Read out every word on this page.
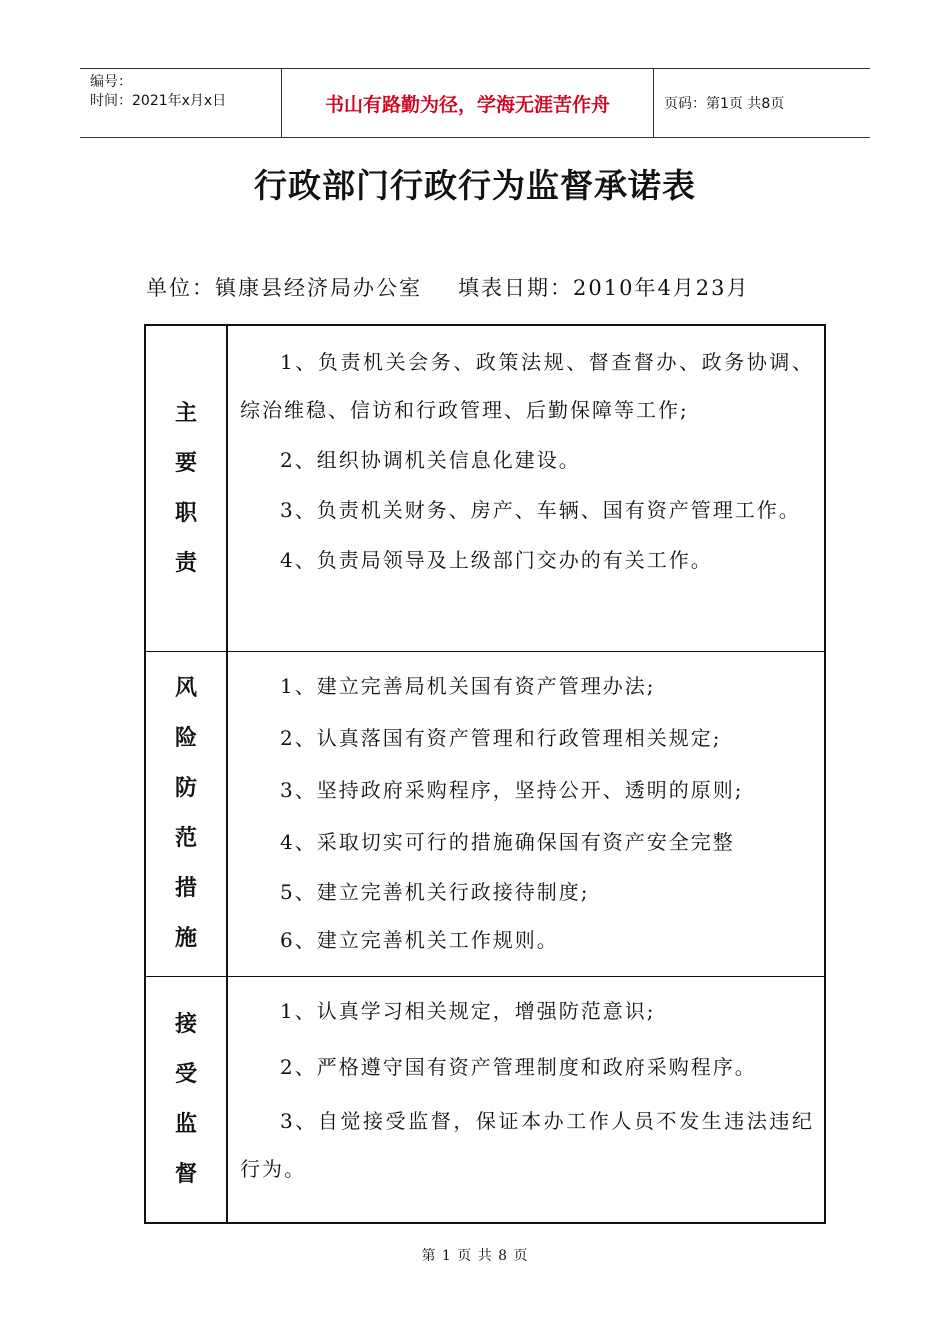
编号：
时间：2021年x月x日	书山有路勤为径，学海无涯苦作舟	页码：第1页 共8页
行政部门行政行为监督承诺表
单位：镇康县经济局办公室 填表日期：2010年4月23月
主
要
职
责

1、负责机关会务、政策法规、督查督办、政务协调、综治维稳、信访和行政管理、后勤保障等工作;

2、组织协调机关信息化建设。

3、负责机关财务、房产、车辆、国有资产管理工作。

4、负责局领导及上级部门交办的有关工作。

风
险
防
范
措
施

1、建立完善局机关国有资产管理办法;

2、认真落国有资产管理和行政管理相关规定;

3、坚持政府采购程序，坚持公开、透明的原则;

4、采取切实可行的措施确保国有资产安全完整

5、建立完善机关行政接待制度;

6、建立完善机关工作规则。

接
受
监
督

1、认真学习相关规定，增强防范意识;

2、严格遵守国有资产管理制度和政府采购程序。

3、自觉接受监督，保证本办工作人员不发生违法违纪行为。

第 1 页 共 8 页
